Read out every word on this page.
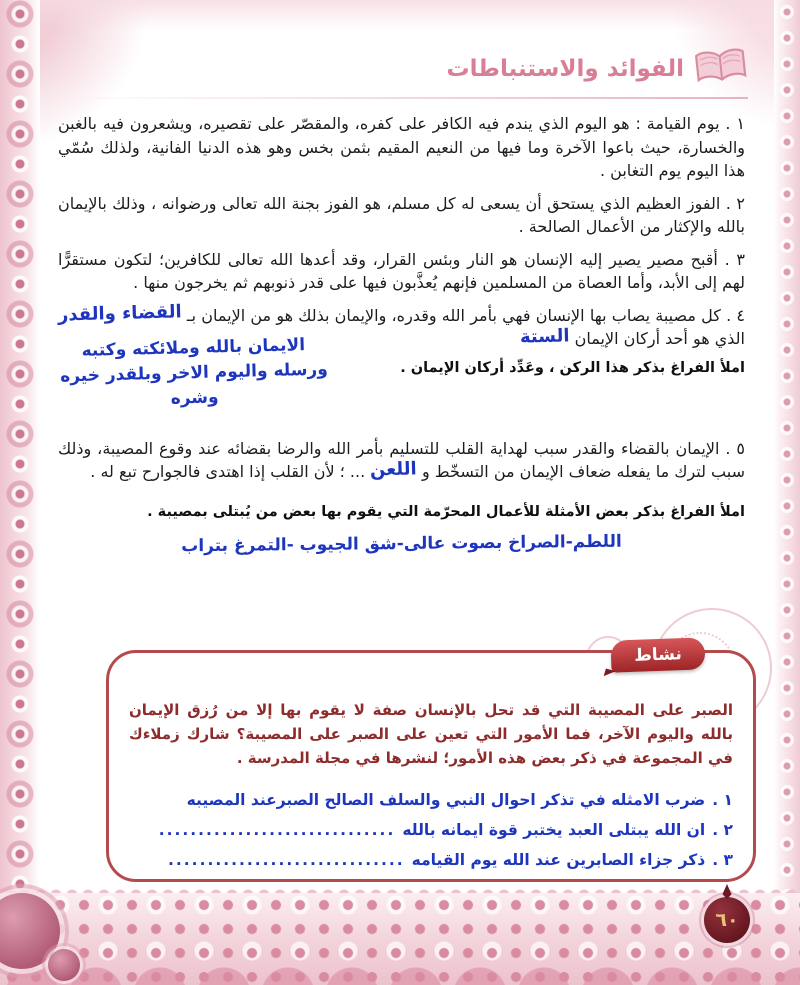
الفوائد والاستنباطات

١ . يوم القيامة : هو اليوم الذي يندم فيه الكافر على كفره، والمقصّر على تقصيره، ويشعرون فيه بالغبن والخسارة، حيث باعوا الآخرة وما فيها من النعيم المقيم بثمن بخس وهو هذه الدنيا الفانية، ولذلك سُمّي هذا اليوم يوم التغابن .

٢ . الفوز العظيم الذي يستحق أن يسعى له كل مسلم، هو الفوز بجنة الله تعالى ورضوانه ، وذلك بالإيمان بالله والإكثار من الأعمال الصالحة .

٣ . أقبح مصير يصير إليه الإنسان هو النار وبئس القرار، وقد أعدها الله تعالى للكافرين؛ لتكون مستقرًّا لهم إلى الأبد، وأما العصاة من المسلمين فإنهم يُعذَّبون فيها على قدر ذنوبهم ثم يخرجون منها .

٤ . كل مصيبة يصاب بها الإنسان فهي بأمر الله وقدره، والإيمان بذلك هو من الإيمان بـ القضاء والقدر الذي هو أحد أركان الإيمان الستة

املأ الفراغ بذكر هذا الركن ، وعَدِّد أركان الإيمان .
الايمان بالله وملائكته وكتبه ورسله واليوم الاخر وبلقدر خيره وشره

٥ . الإيمان بالقضاء والقدر سبب لهداية القلب للتسليم بأمر الله والرضا بقضائه عند وقوع المصيبة، وذلك سبب لترك ما يفعله ضعاف الإيمان من التسخّط و اللعن ... ؛ لأن القلب إذا اهتدى فالجوارح تبع له .

املأ الفراغ بذكر بعض الأمثلة للأعمال المحرّمة التي يقوم بها بعض من يُبتلى بمصيبة .

اللطم-الصراخ بصوت عالى-شق الجيوب -التمرغ بتراب

نشاط

الصبر على المصيبة التي قد تحل بالإنسان صفة لا يقوم بها إلا من رُزق الإيمان بالله واليوم الآخر، فما الأمور التي تعين على الصبر على المصيبة؟ شارك زملاءك في المجموعة في ذكر بعض هذه الأمور؛ لنشرها في مجلة المدرسة .

١ .
ضرب الامثله في تذكر احوال النبي والسلف الصالح الصبرعند المصيبه
٢ .
ان الله يبتلى العبد يختبر قوة ايمانه بالله
..............................
٣ .
ذكر جزاء الصابرين عند الله يوم القيامه
..............................
٦٠
